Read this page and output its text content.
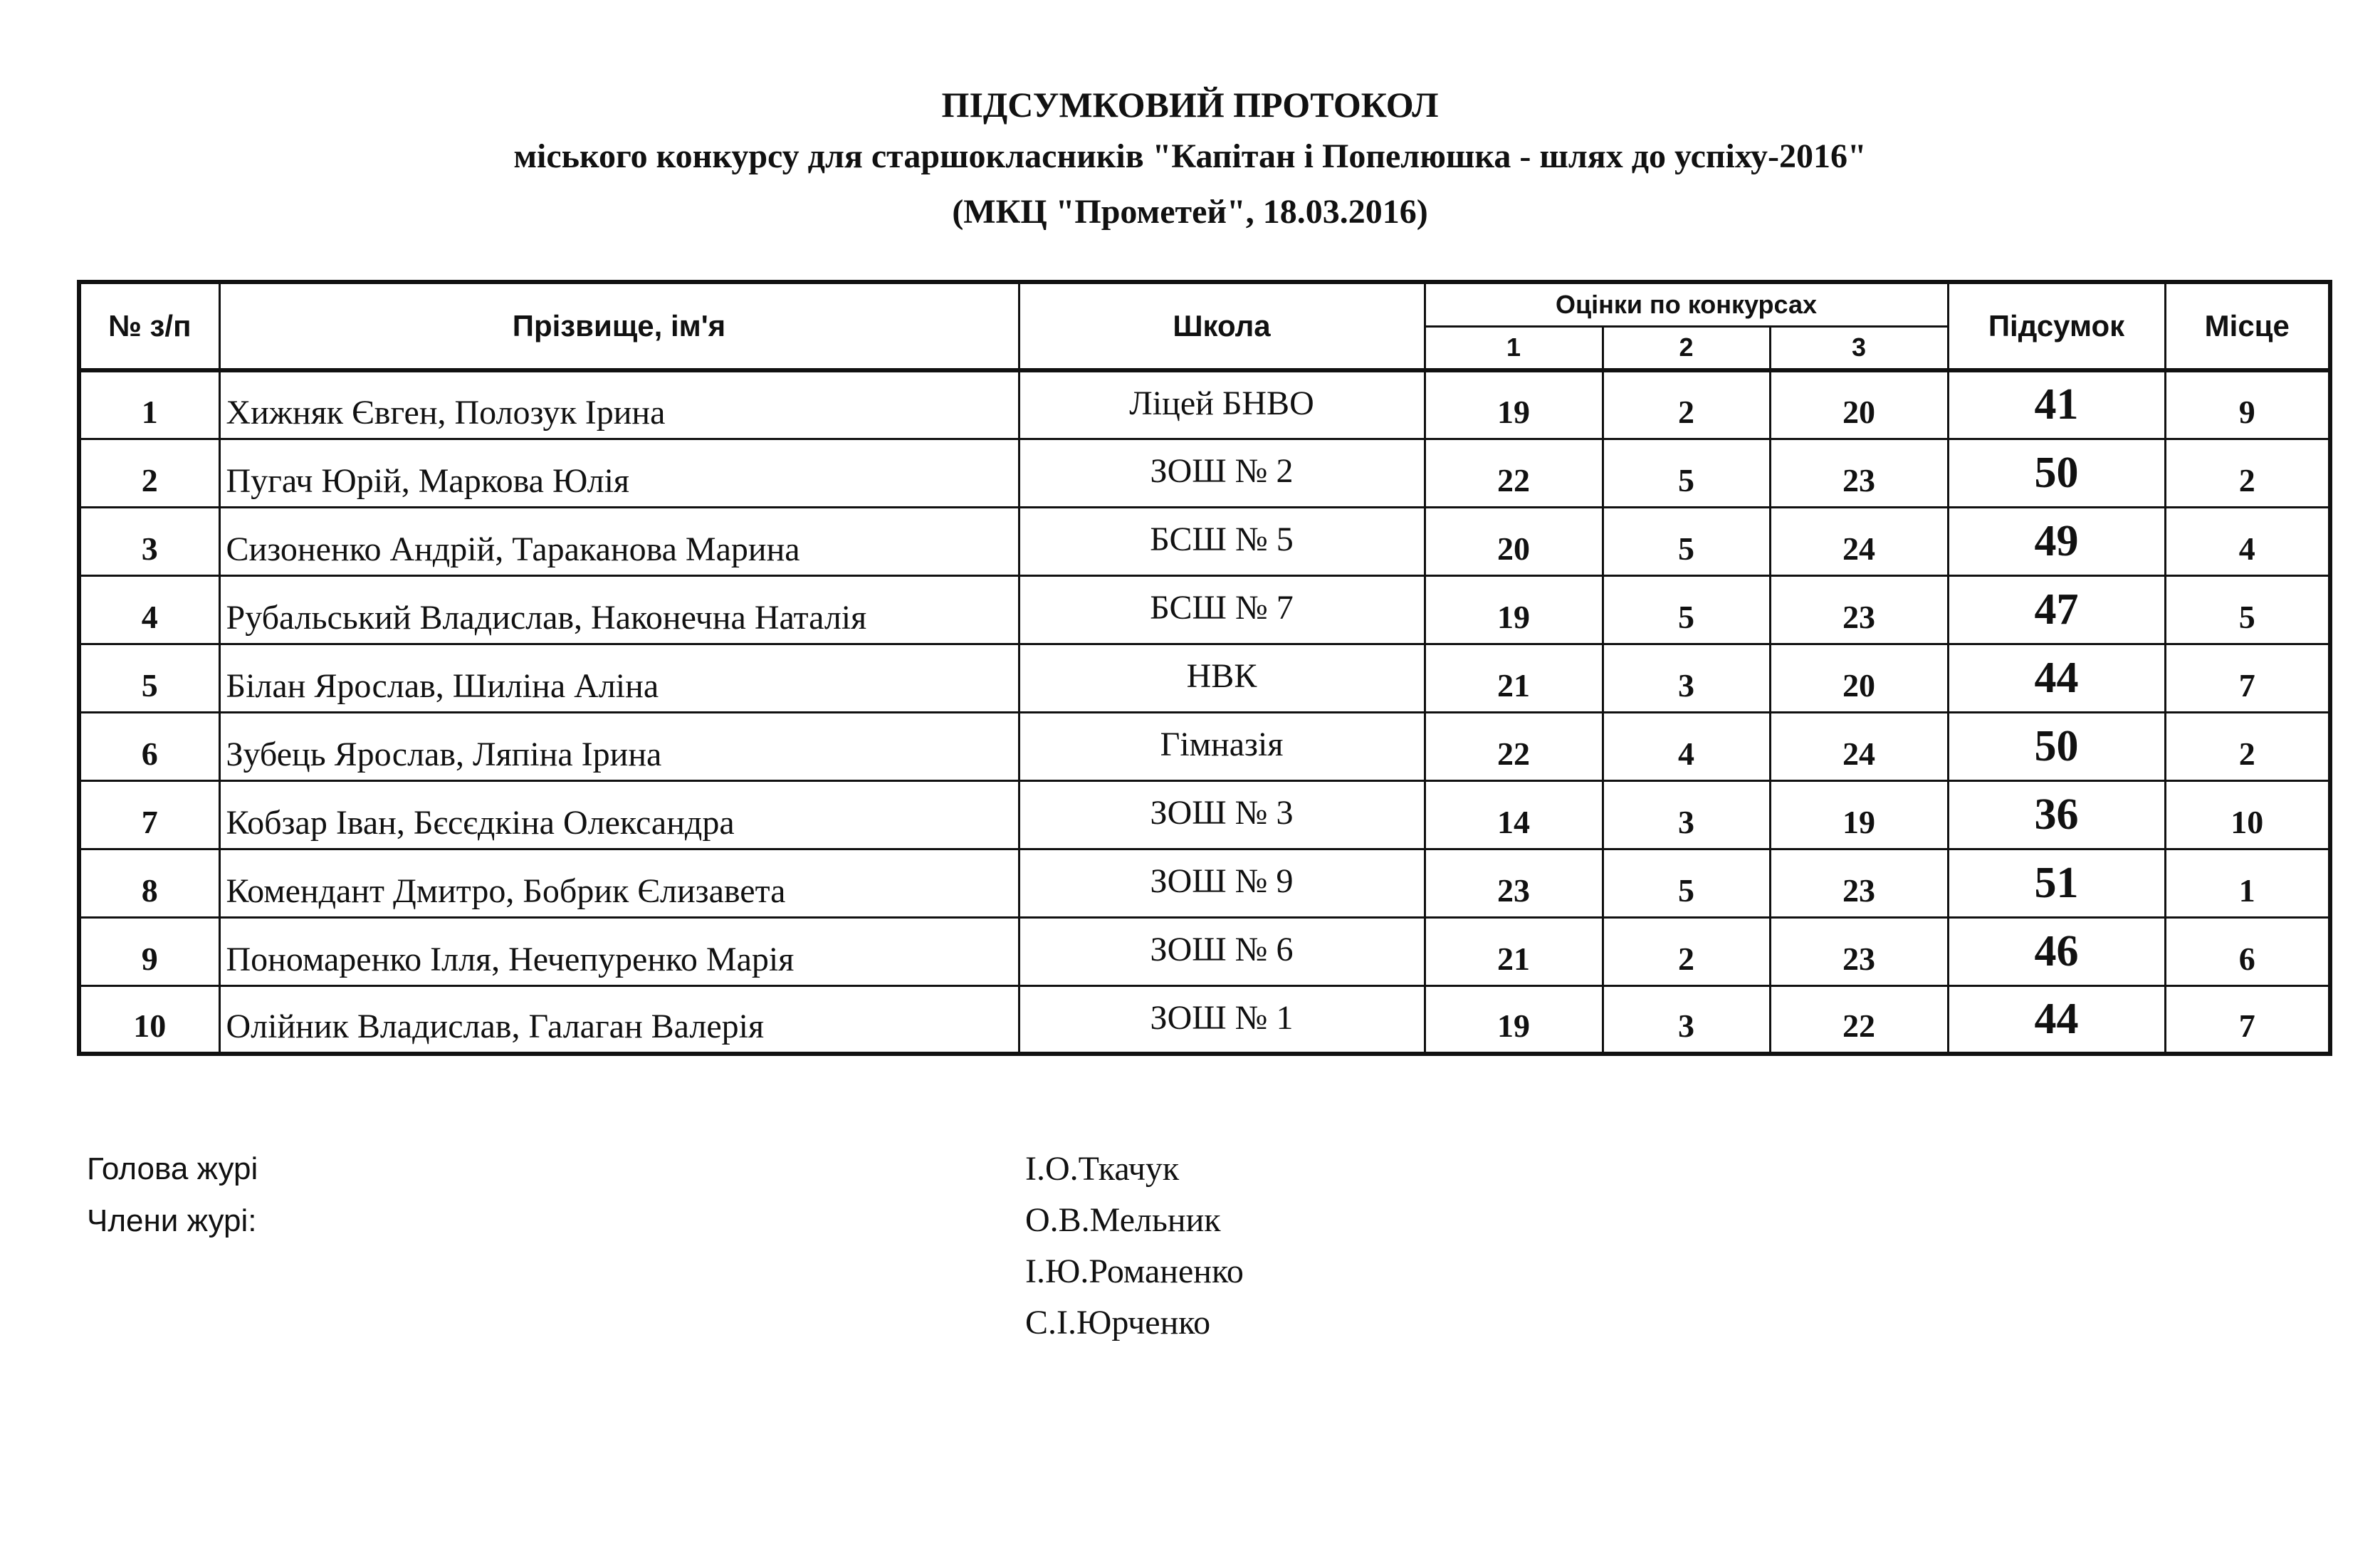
ПІДСУМКОВИЙ ПРОТОКОЛ
міського конкурсу для старшокласників "Капітан і Попелюшка - шлях до успіху-2016"
(МКЦ "Прометей", 18.03.2016)
№ з/п	Прізвище, ім'я	Школа	Оцінки по конкурсах			Підсумок	Місце
			1	2	3		
1	Хижняк Євген, Полозук Ірина	Ліцей БНВО	19	2	20	41	9
2	Пугач Юрій, Маркова Юлія	ЗОШ № 2	22	5	23	50	2
3	Сизоненко Андрій, Тараканова Марина	БСШ № 5	20	5	24	49	4
4	Рубальський Владислав, Наконечна Наталія	БСШ № 7	19	5	23	47	5
5	Білан Ярослав, Шиліна Аліна	НВК	21	3	20	44	7
6	Зубець Ярослав, Ляпіна Ірина	Гімназія	22	4	24	50	2
7	Кобзар Іван, Бєсєдкіна Олександра	ЗОШ № 3	14	3	19	36	10
8	Комендант Дмитро, Бобрик Єлизавета	ЗОШ № 9	23	5	23	51	1
9	Пономаренко Ілля, Нечепуренко Марія	ЗОШ № 6	21	2	23	46	6
10	Олійник Владислав, Галаган Валерія	ЗОШ № 1	19	3	22	44	7
Голова журі
Члени журі:
І.О.Ткачук
О.В.Мельник
І.Ю.Романенко
С.І.Юрченко
